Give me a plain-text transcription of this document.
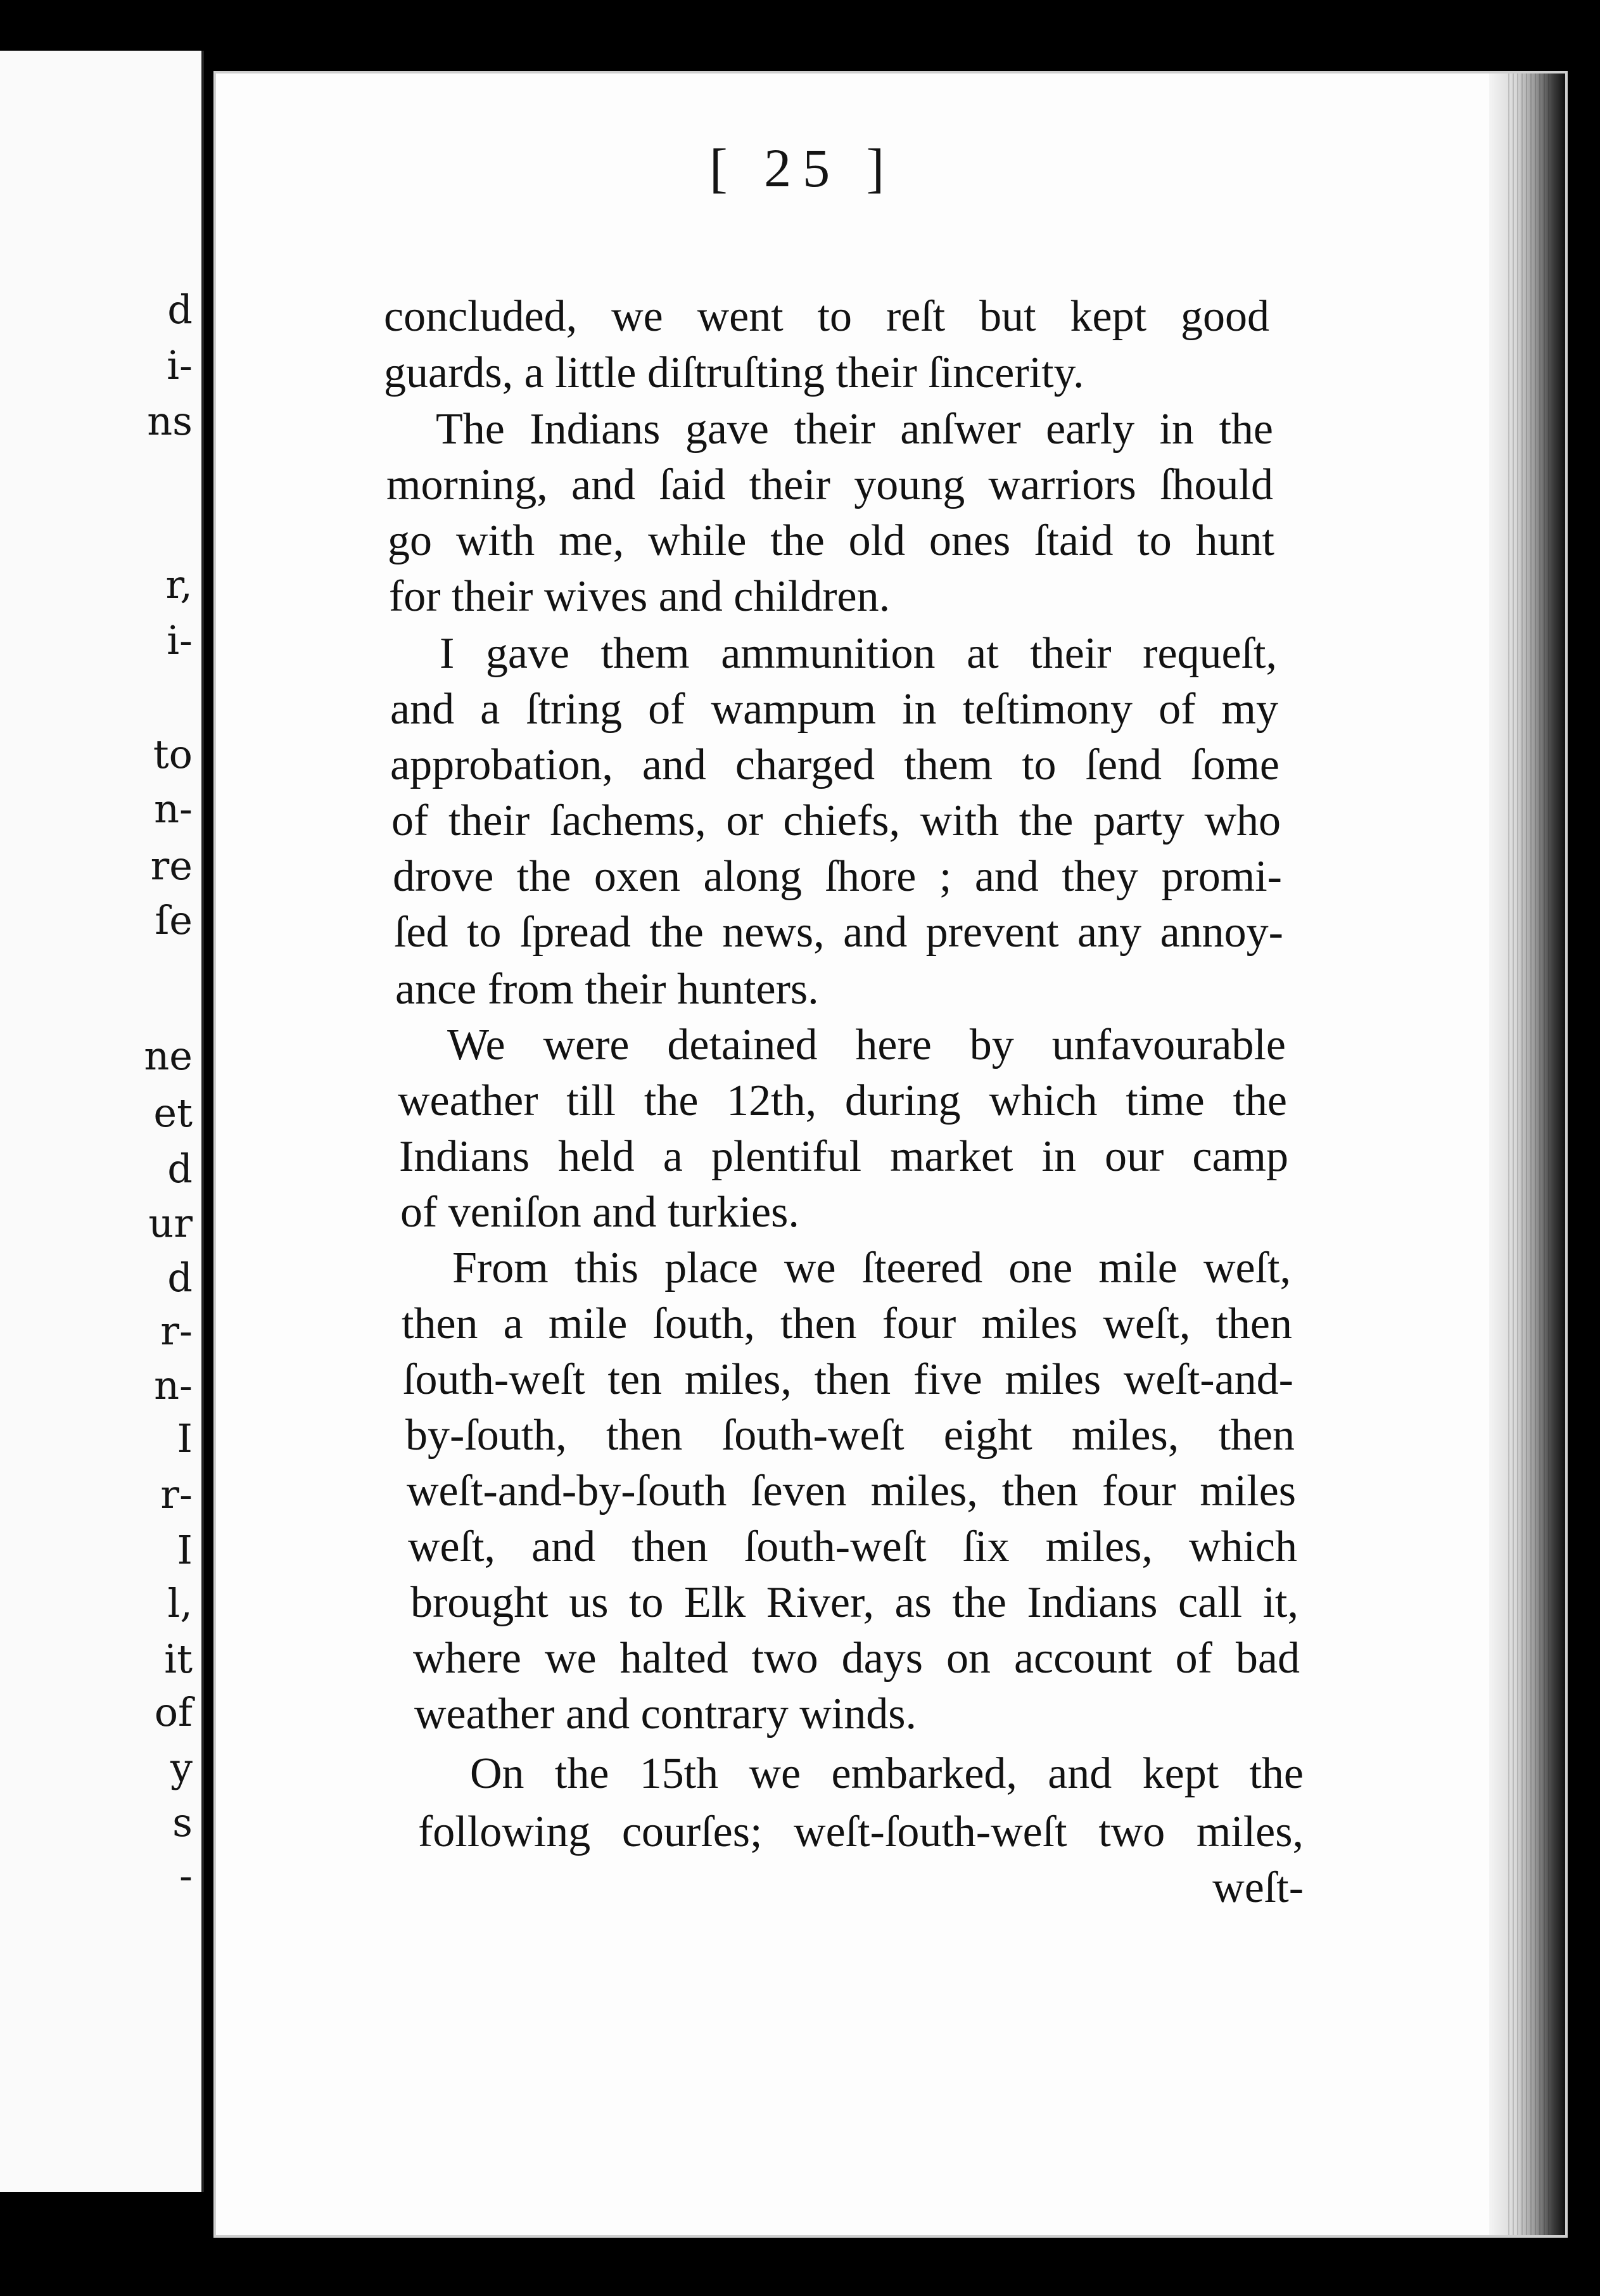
d
i-
ns
r,
i-
to
n-
re
ſe
ne
et
d
ur
d
r-
n-
I
r-
I
l,
it
of
y
s
-
[ 25 ]
concluded, we went to reſt but kept good
guards, a little diſtruſting their ſincerity.
The Indians gave their anſwer early in the
morning, and ſaid their young warriors ſhould
go with me, while the old ones ſtaid to hunt
for their wives and children.
I gave them ammunition at their requeſt,
and a ſtring of wampum in teſtimony of my
approbation, and charged them to ſend ſome
of their ſachems, or chiefs, with the party who
drove the oxen along ſhore ; and they promi-
ſed to ſpread the news, and prevent any annoy-
ance from their hunters.
We were detained here by unfavourable
weather till the 12th, during which time the
Indians held a plentiful market in our camp
of veniſon and turkies.
From this place we ſteered one mile weſt,
then a mile ſouth, then four miles weſt, then
ſouth-weſt ten miles, then five miles weſt-and-
by-ſouth, then ſouth-weſt eight miles, then
weſt-and-by-ſouth ſeven miles, then four miles
weſt, and then ſouth-weſt ſix miles, which
brought us to Elk River, as the Indians call it,
where we halted two days on account of bad
weather and contrary winds.
On the 15th we embarked, and kept the
following courſes; weſt-ſouth-weſt two miles,
weſt-
